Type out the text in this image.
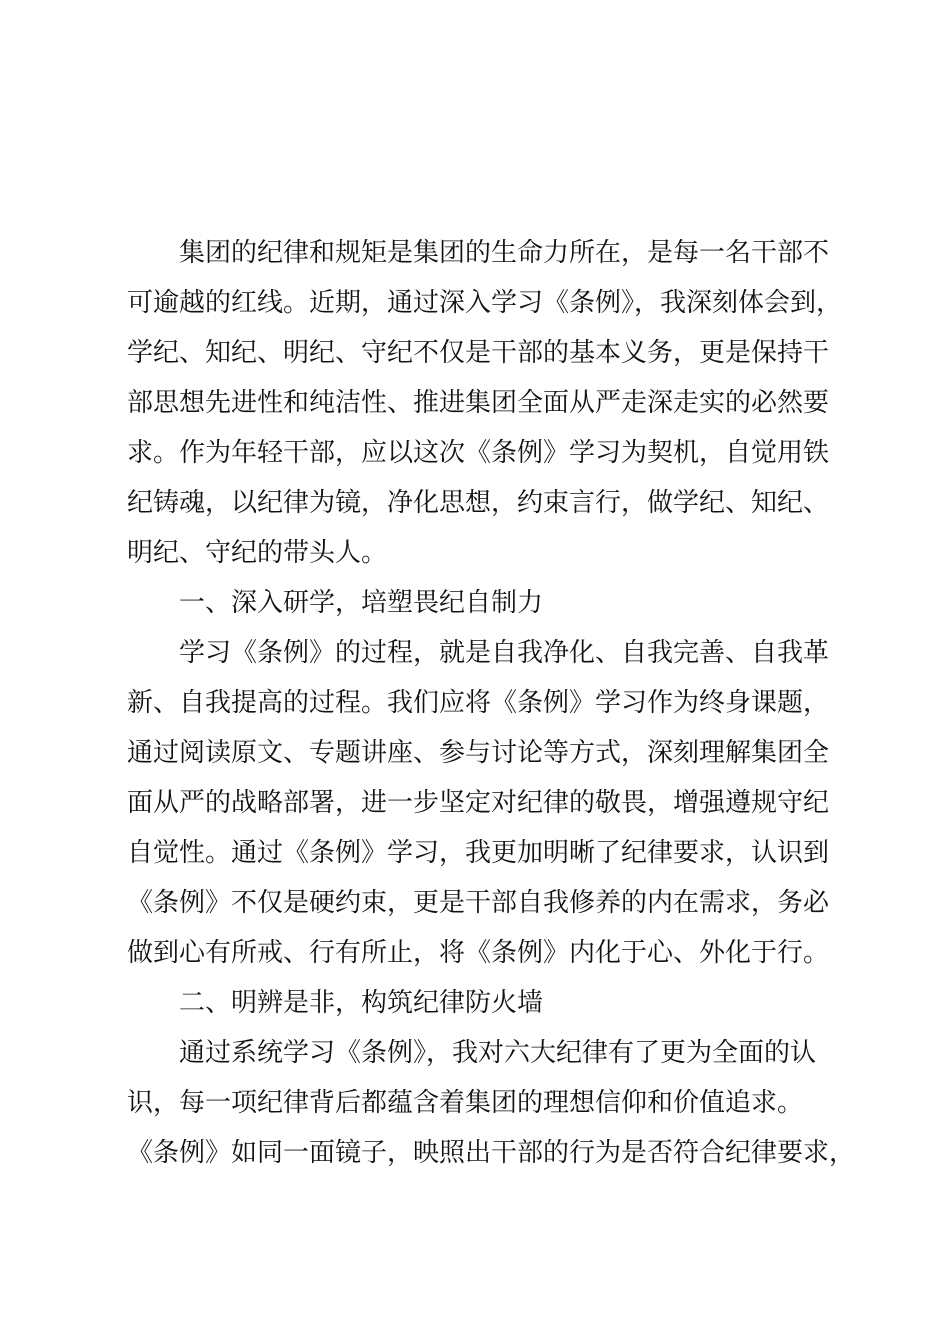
集团的纪律和规矩是集团的生命力所在，是每一名干部不
可逾越的红线。近期，通过深入学习《条例》，我深刻体会到，
学纪、知纪、明纪、守纪不仅是干部的基本义务，更是保持干
部思想先进性和纯洁性、推进集团全面从严走深走实的必然要
求。作为年轻干部，应以这次《条例》学习为契机，自觉用铁
纪铸魂，以纪律为镜，净化思想，约束言行，做学纪、知纪、
明纪、守纪的带头人。

一、深入研学，培塑畏纪自制力

学习《条例》的过程，就是自我净化、自我完善、自我革
新、自我提高的过程。我们应将《条例》学习作为终身课题，
通过阅读原文、专题讲座、参与讨论等方式，深刻理解集团全
面从严的战略部署，进一步坚定对纪律的敬畏，增强遵规守纪
自觉性。通过《条例》学习，我更加明晰了纪律要求，认识到
《条例》不仅是硬约束，更是干部自我修养的内在需求，务必
做到心有所戒、行有所止，将《条例》内化于心、外化于行。

二、明辨是非，构筑纪律防火墙

通过系统学习《条例》，我对六大纪律有了更为全面的认
识，每一项纪律背后都蕴含着集团的理想信仰和价值追求。
《条例》如同一面镜子，映照出干部的行为是否符合纪律要求，
